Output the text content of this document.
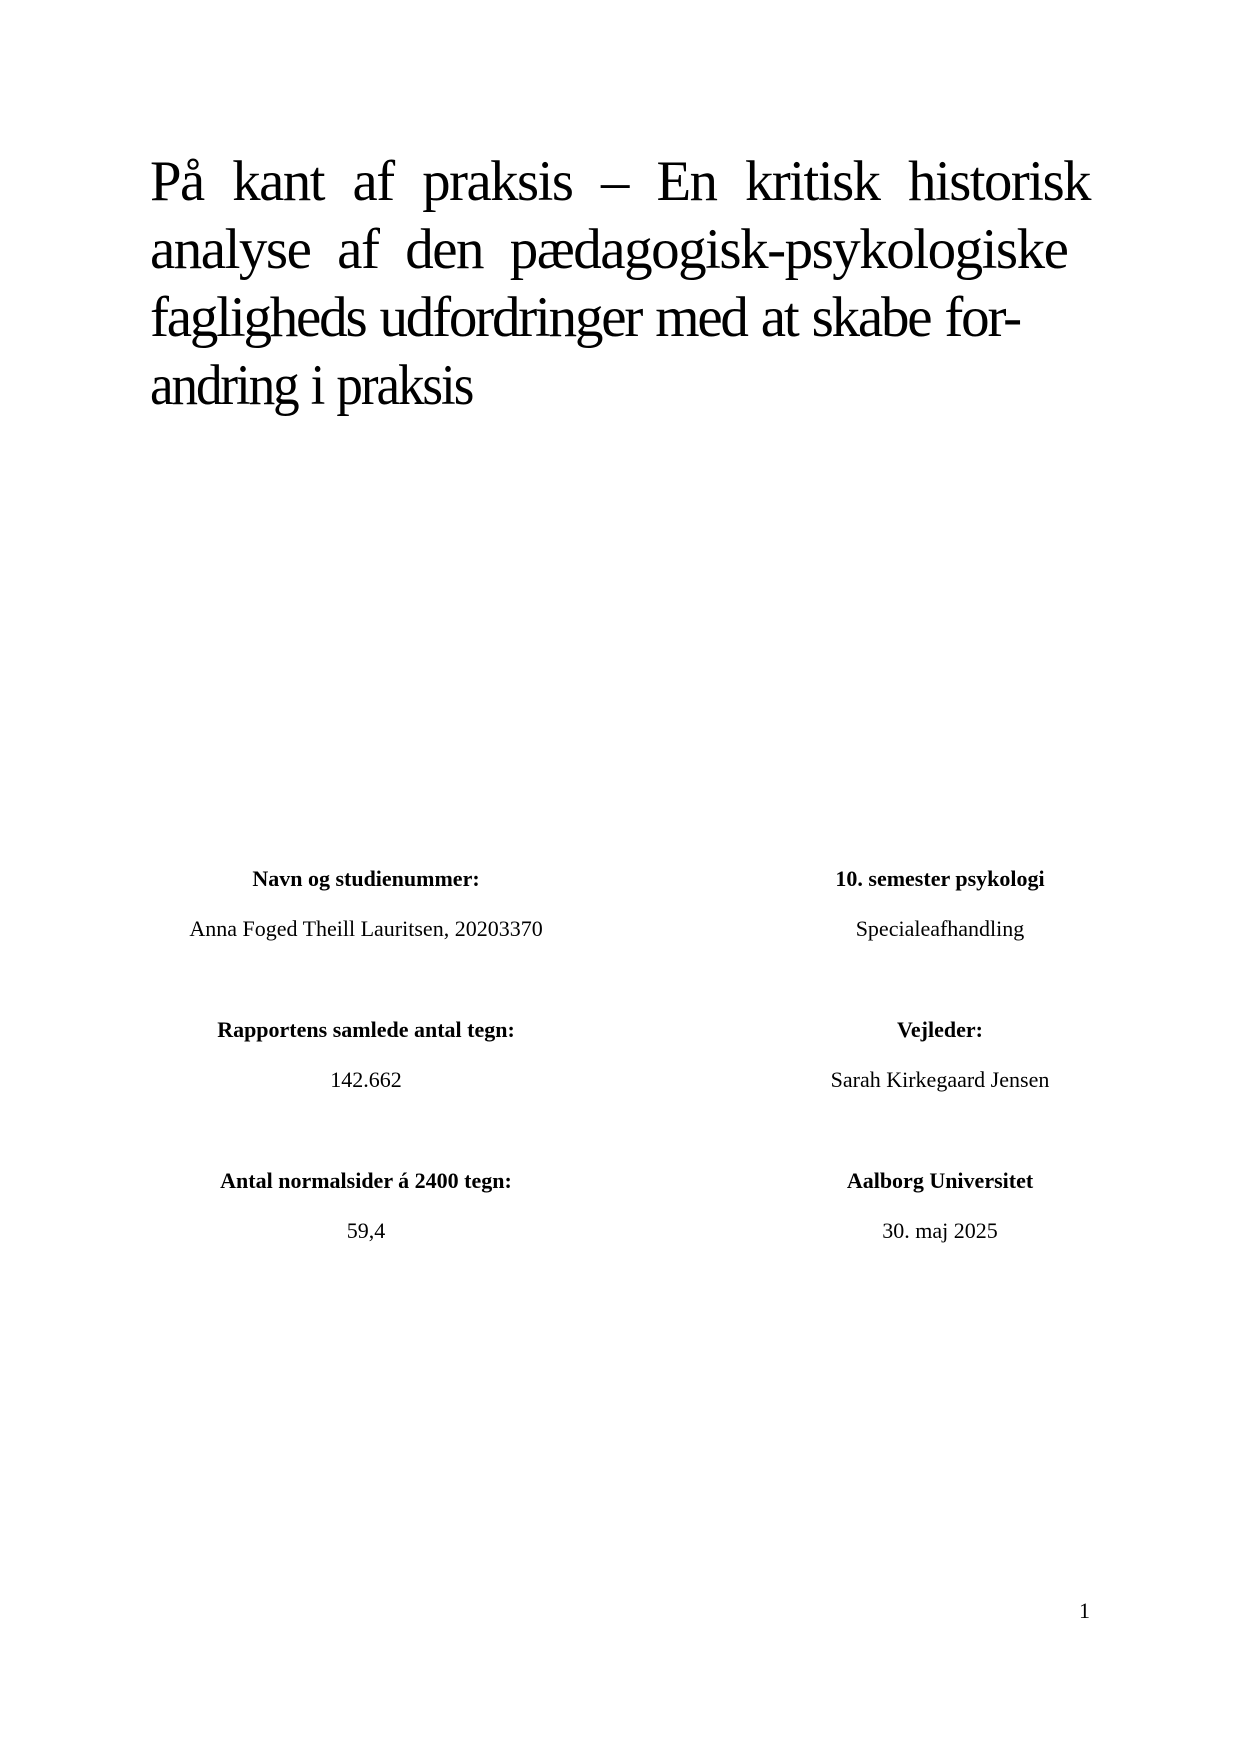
På kant af praksis – En kritisk historisk
analyse af den pædagogisk-psykologiske
fagligheds udfordringer med at skabe for-
andring i praksis

Navn og studienummer:

Anna Foged Theill Lauritsen, 20203370

Rapportens samlede antal tegn:

142.662

Antal normalsider á 2400 tegn:

59,4

10. semester psykologi

Specialeafhandling

Vejleder:

Sarah Kirkegaard Jensen

Aalborg Universitet

30. maj 2025

1
